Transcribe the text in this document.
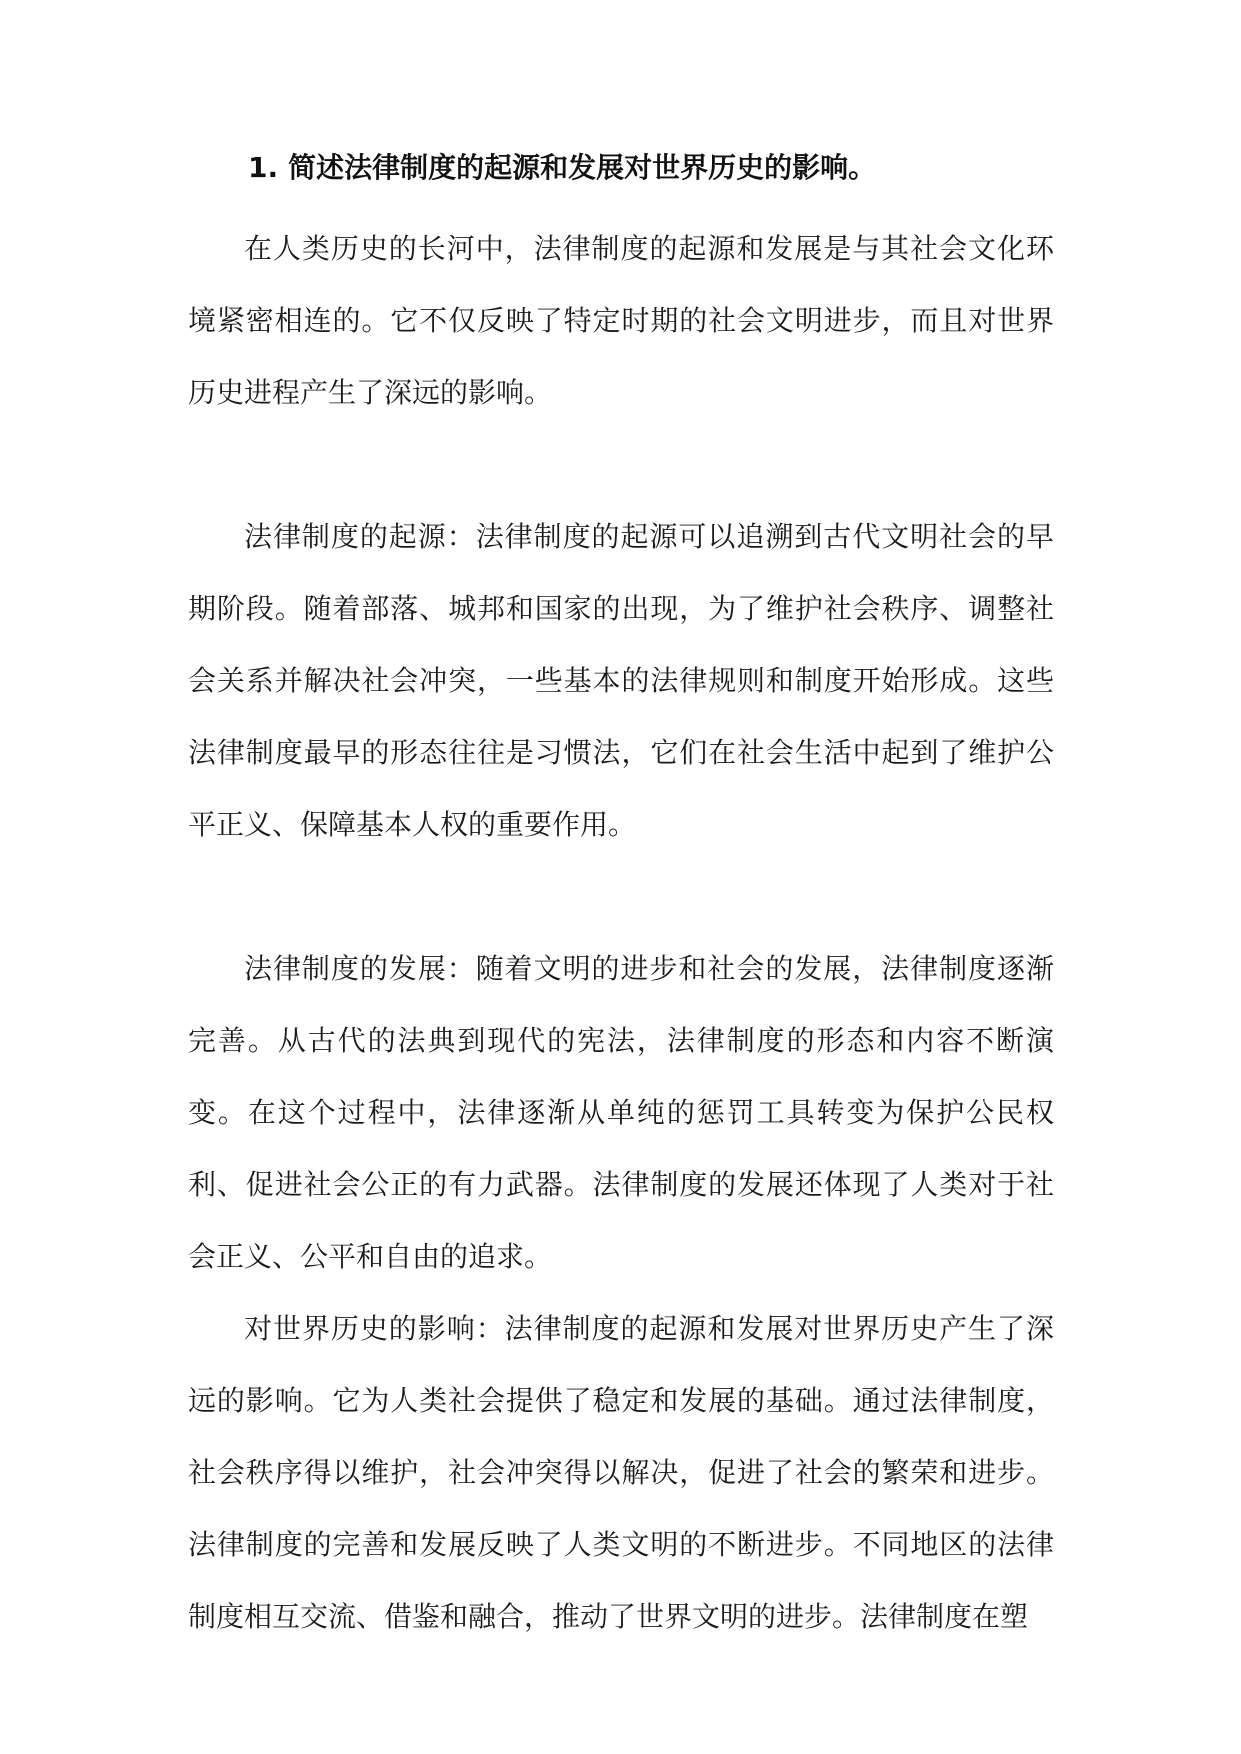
1. 简述法律制度的起源和发展对世界历史的影响。

在人类历史的长河中，法律制度的起源和发展是与其社会文化环境紧密相连的。它不仅反映了特定时期的社会文明进步，而且对世界历史进程产生了深远的影响。

法律制度的起源：法律制度的起源可以追溯到古代文明社会的早期阶段。随着部落、城邦和国家的出现，为了维护社会秩序、调整社会关系并解决社会冲突，一些基本的法律规则和制度开始形成。这些法律制度最早的形态往往是习惯法，它们在社会生活中起到了维护公平正义、保障基本人权的重要作用。

法律制度的发展：随着文明的进步和社会的发展，法律制度逐渐完善。从古代的法典到现代的宪法，法律制度的形态和内容不断演变。在这个过程中，法律逐渐从单纯的惩罚工具转变为保护公民权利、促进社会公正的有力武器。法律制度的发展还体现了人类对于社会正义、公平和自由的追求。

对世界历史的影响：法律制度的起源和发展对世界历史产生了深远的影响。它为人类社会提供了稳定和发展的基础。通过法律制度，社会秩序得以维护，社会冲突得以解决，促进了社会的繁荣和进步。法律制度的完善和发展反映了人类文明的不断进步。不同地区的法律制度相互交流、借鉴和融合，推动了世界文明的进步。法律制度在塑
